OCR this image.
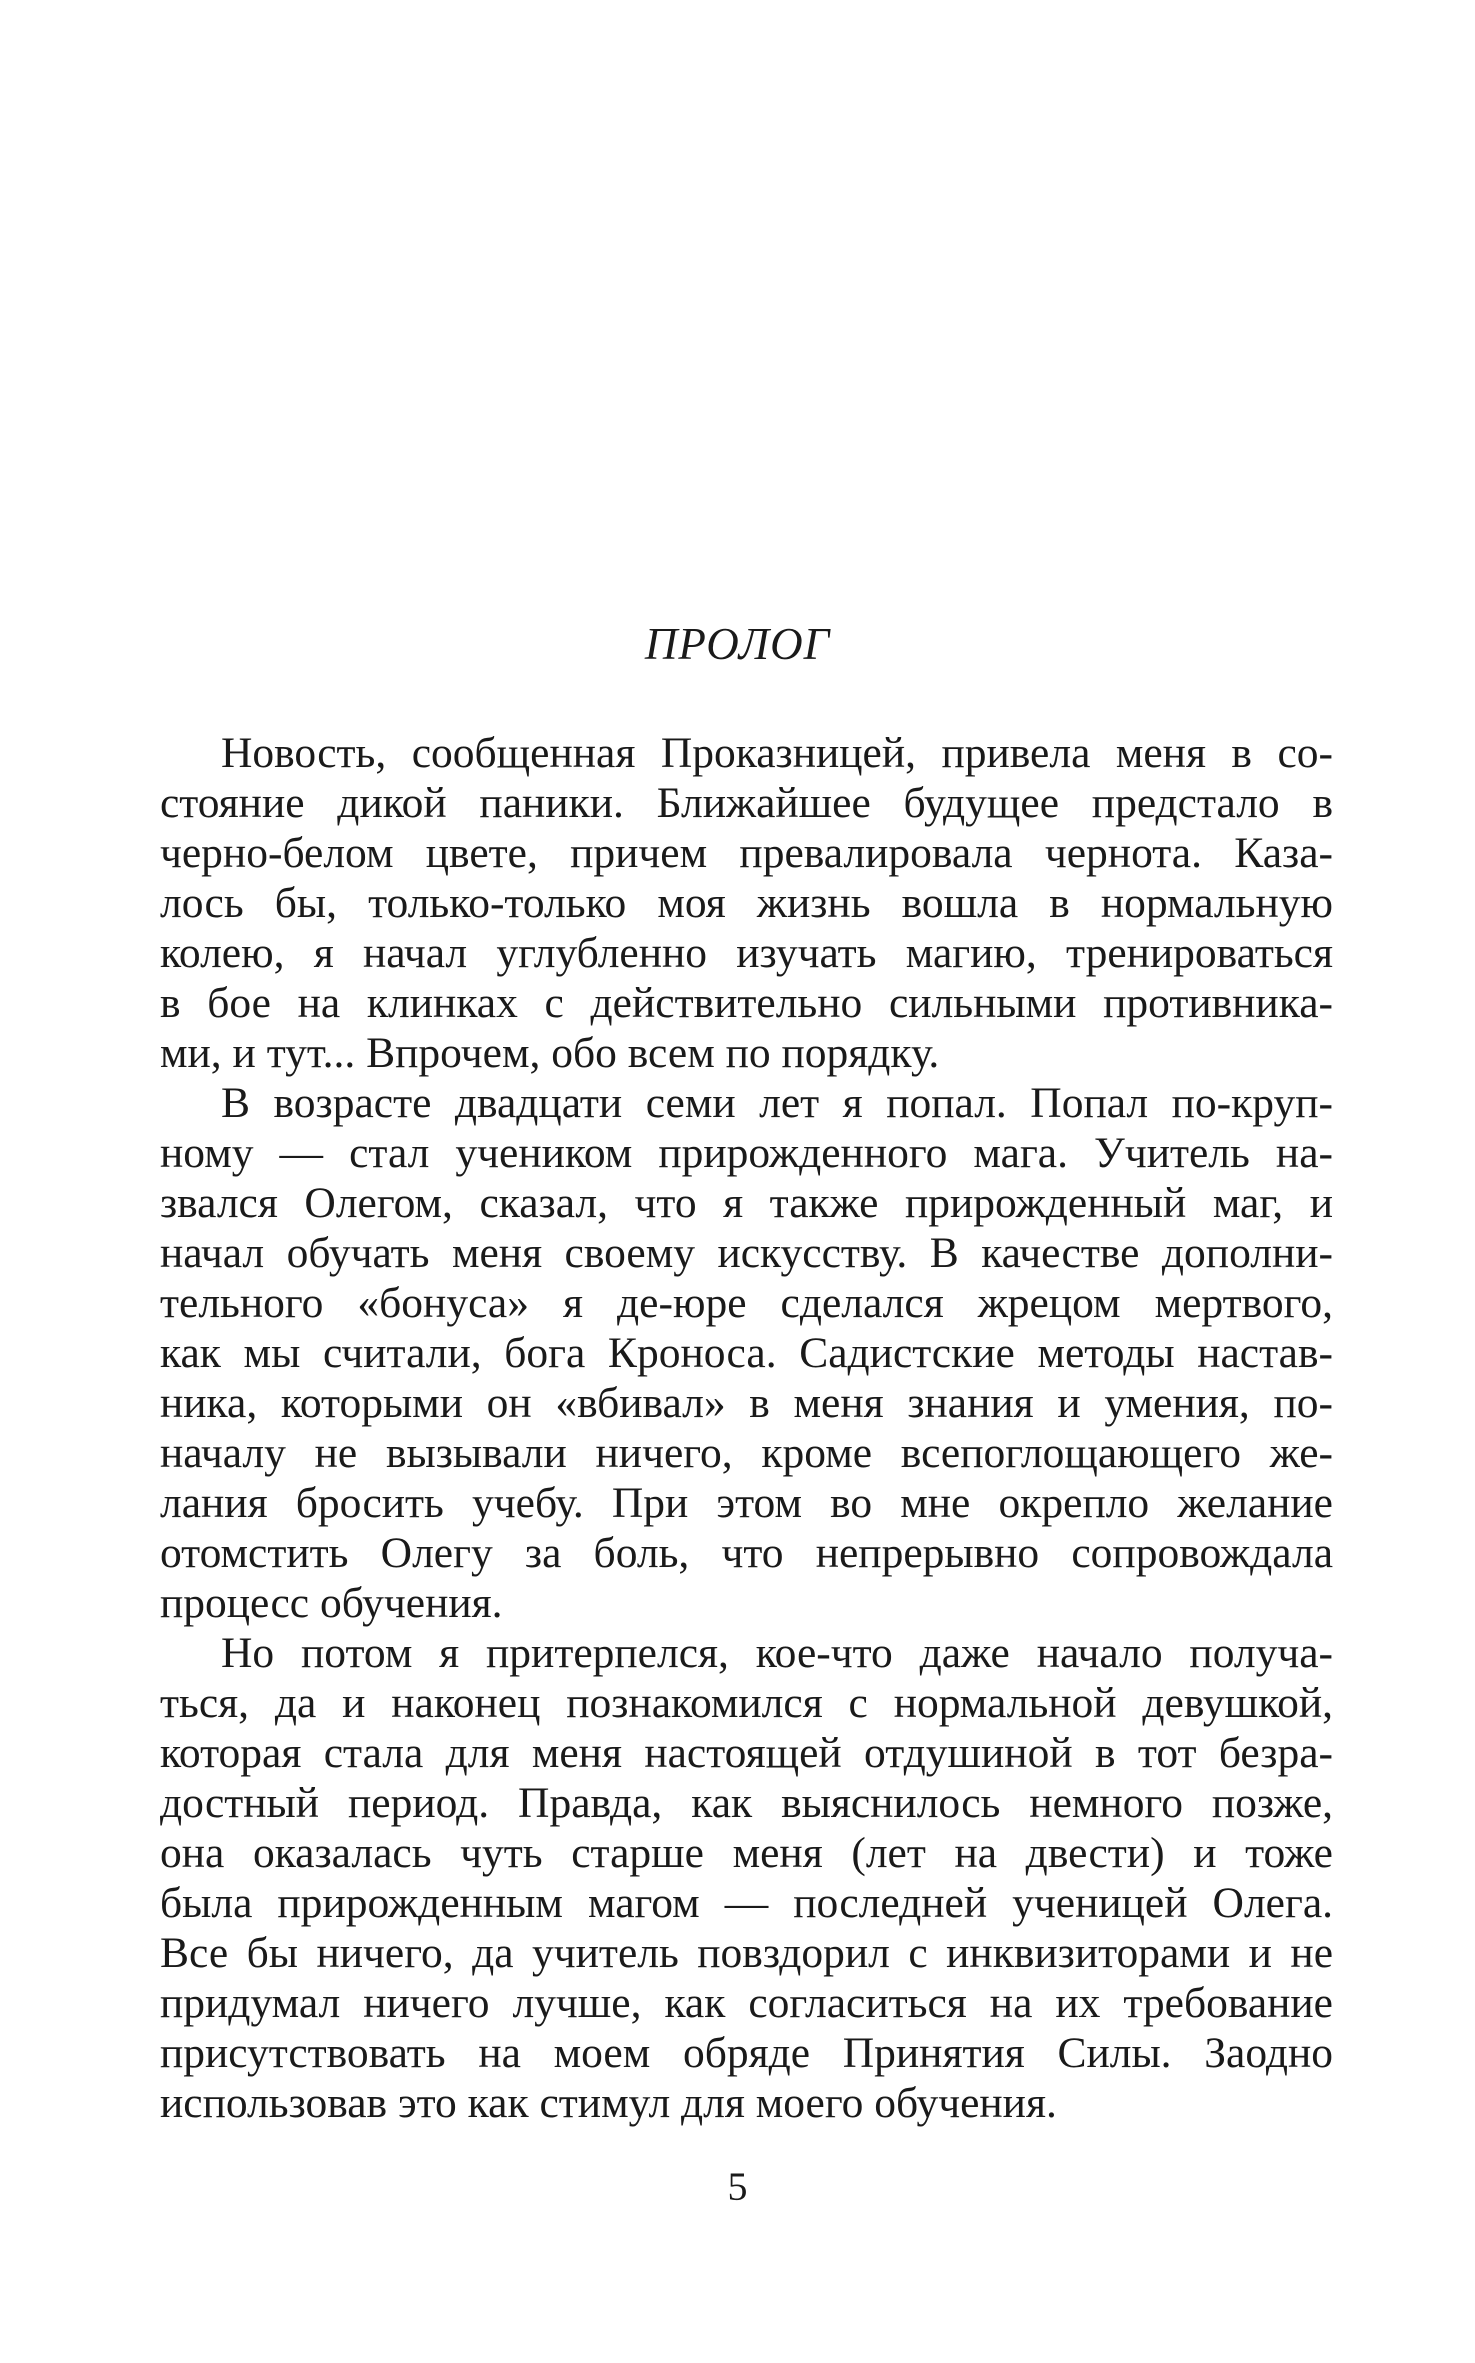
ПРОЛОГ

Новость, сообщенная Проказницей, привела меня в со-
стояние дикой паники. Ближайшее будущее предстало в
черно-белом цвете, причем превалировала чернота. Каза-
лось бы, только-только моя жизнь вошла в нормальную
колею, я начал углубленно изучать магию, тренироваться
в бое на клинках с действительно сильными противника-
ми, и тут... Впрочем, обо всем по порядку.

В возрасте двадцати семи лет я попал. Попал по-круп-
ному — стал учеником прирожденного мага. Учитель на-
звался Олегом, сказал, что я также прирожденный маг, и
начал обучать меня своему искусству. В качестве дополни-
тельного «бонуса» я де-юре сделался жрецом мертвого,
как мы считали, бога Кроноса. Садистские методы настав-
ника, которыми он «вбивал» в меня знания и умения, по-
началу не вызывали ничего, кроме всепоглощающего же-
лания бросить учебу. При этом во мне окрепло желание
отомстить Олегу за боль, что непрерывно сопровождала
процесс обучения.

Но потом я притерпелся, кое-что даже начало получа-
ться, да и наконец познакомился с нормальной девушкой,
которая стала для меня настоящей отдушиной в тот безра-
достный период. Правда, как выяснилось немного позже,
она оказалась чуть старше меня (лет на двести) и тоже
была прирожденным магом — последней ученицей Олега.
Все бы ничего, да учитель повздорил с инквизиторами и не
придумал ничего лучше, как согласиться на их требование
присутствовать на моем обряде Принятия Силы. Заодно
использовав это как стимул для моего обучения.

5
